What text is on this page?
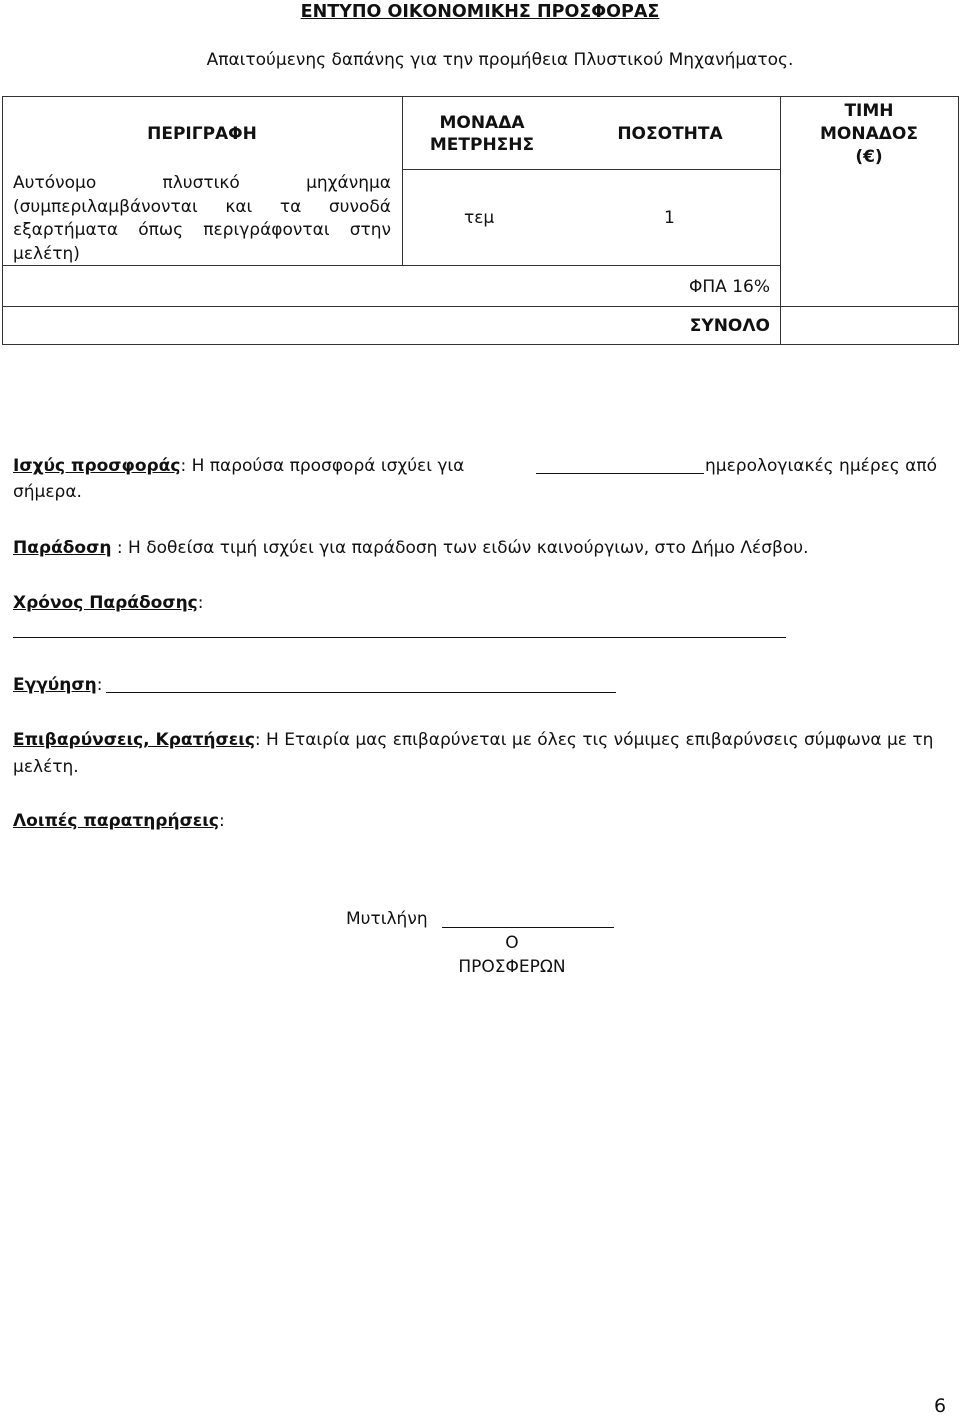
ΕΝΤΥΠΟ ΟΙΚΟΝΟΜΙΚΗΣ ΠΡΟΣΦΟΡΑΣ
Απαιτούμενης δαπάνης για την προμήθεια Πλυστικού Μηχανήματος.
ΠΕΡΙΓΡΑΦΗ
ΜΟΝΑΔΑ
ΜΕΤΡΗΣΗΣ
ΠΟΣΟΤΗΤΑ
ΤΙΜΗ
ΜΟΝΑΔΟΣ
(€)
Αυτόνομο πλυστικό μηχάνημα
(συμπεριλαμβάνονται και τα συνοδά
εξαρτήματα όπως περιγράφονται στην
μελέτη)
τεμ	1
ΦΠΑ 16%
ΣΥΝΟΛΟ
Ισχύς προσφοράς: Η παρούσα προσφορά ισχύει για	ημερολογιακές ημέρες από
σήμερα.
Παράδοση : Η δοθείσα τιμή ισχύει για παράδοση των ειδών καινούργιων, στο Δήμο Λέσβου.
Χρόνος Παράδοσης:
Εγγύηση:
Επιβαρύνσεις, Κρατήσεις: Η Εταιρία μας επιβαρύνεται με όλες τις νόμιμες επιβαρύνσεις σύμφωνα με τη
μελέτη.
Λοιπές παρατηρήσεις:
Μυτιλήνη
Ο
ΠΡΟΣΦΕΡΩΝ
6
